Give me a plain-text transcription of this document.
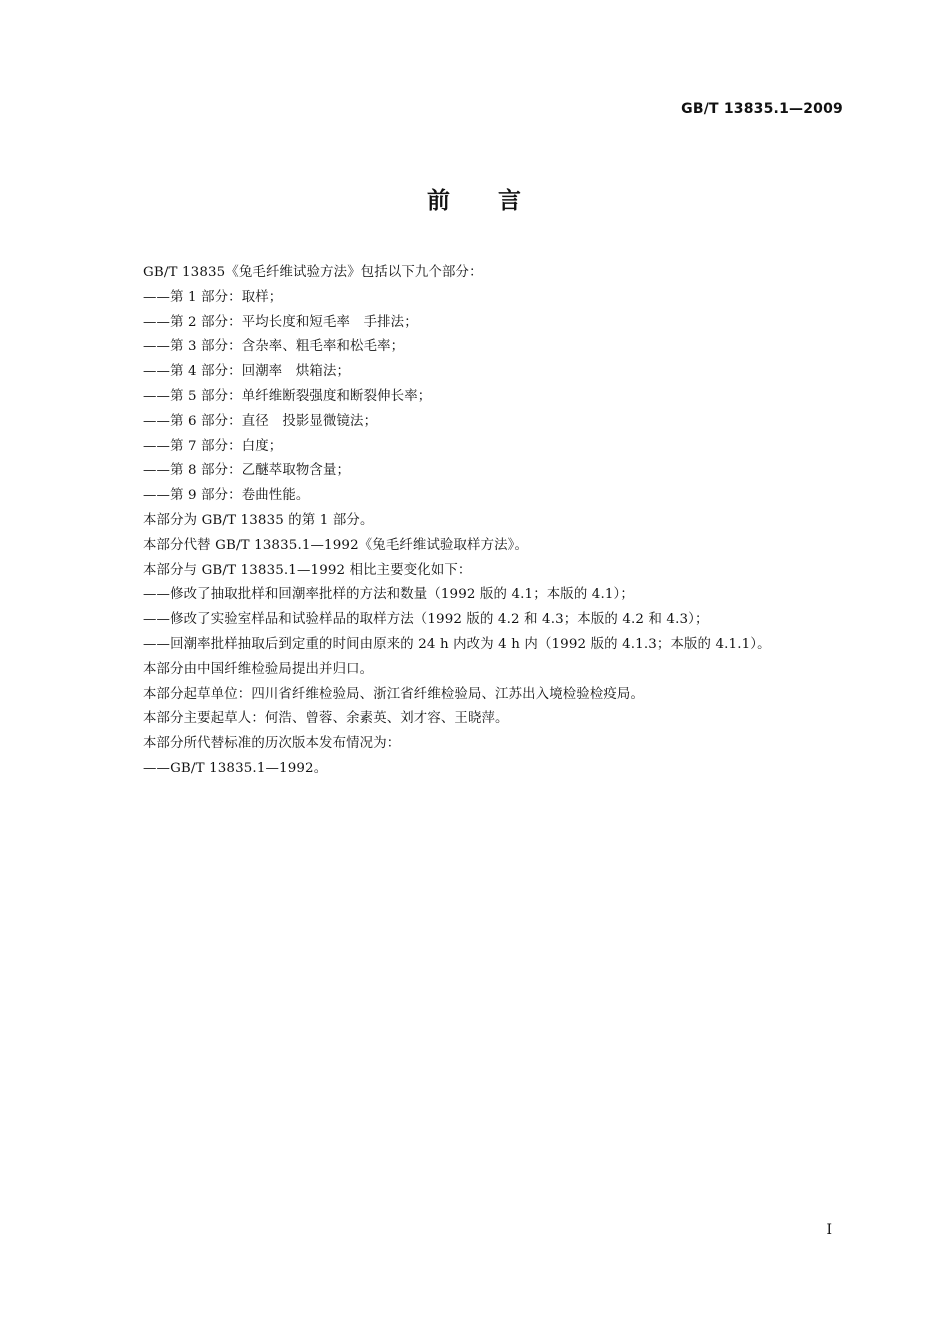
GB/T 13835.1—2009
前 言
GB/T 13835《兔毛纤维试验方法》包括以下九个部分：
——第 1 部分：取样；
——第 2 部分：平均长度和短毛率　手排法；
——第 3 部分：含杂率、粗毛率和松毛率；
——第 4 部分：回潮率　烘箱法；
——第 5 部分：单纤维断裂强度和断裂伸长率；
——第 6 部分：直径　投影显微镜法；
——第 7 部分：白度；
——第 8 部分：乙醚萃取物含量；
——第 9 部分：卷曲性能。
本部分为 GB/T 13835 的第 1 部分。
本部分代替 GB/T 13835.1—1992《兔毛纤维试验取样方法》。
本部分与 GB/T 13835.1—1992 相比主要变化如下：
——修改了抽取批样和回潮率批样的方法和数量（1992 版的 4.1；本版的 4.1）；
——修改了实验室样品和试验样品的取样方法（1992 版的 4.2 和 4.3；本版的 4.2 和 4.3）；
——回潮率批样抽取后到定重的时间由原来的 24 h 内改为 4 h 内（1992 版的 4.1.3；本版的 4.1.1）。
本部分由中国纤维检验局提出并归口。
本部分起草单位：四川省纤维检验局、浙江省纤维检验局、江苏出入境检验检疫局。
本部分主要起草人：何浩、曾蓉、余素英、刘才容、王晓萍。
本部分所代替标准的历次版本发布情况为：
——GB/T 13835.1—1992。
I
